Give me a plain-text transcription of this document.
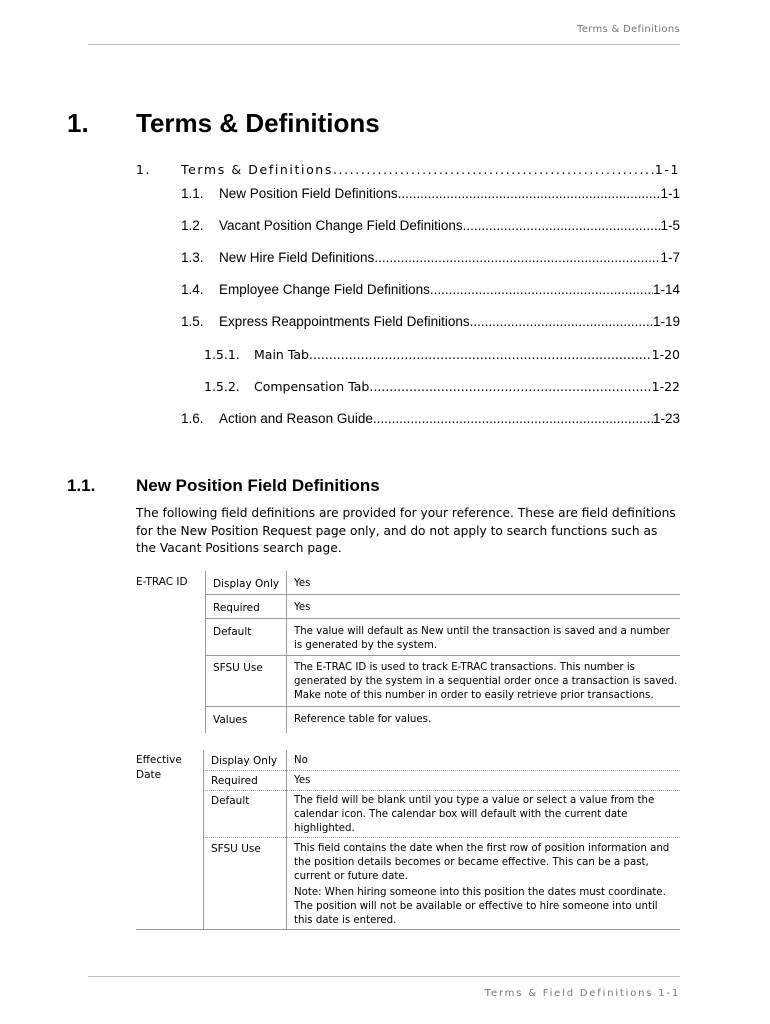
Terms & Definitions
1. Terms & Definitions
1.	Terms & Definitions .....	1-1
1.1.	New Position Field Definitions .....	1-1
1.2.	Vacant Position Change Field Definitions .....	1-5
1.3.	New Hire Field Definitions .....	1-7
1.4.	Employee Change Field Definitions .....	1-14
1.5.	Express Reappointments Field Definitions .....	1-19
1.5.1.	Main Tab .....	1-20
1.5.2.	Compensation Tab .....	1-22
1.6.	Action and Reason Guide .....	1-23
1.1. New Position Field Definitions
The following field definitions are provided for your reference. These are field definitions for the New Position Request page only, and do not apply to search functions such as the Vacant Positions search page.
E-TRAC ID	Display Only Yes
Required	Yes
Default	The value will default as New until the transaction is saved and a number is generated by the system.
SFSU Use	The E-TRAC ID is used to track E-TRAC transactions. This number is generated by the system in a sequential order once a transaction is saved. Make note of this number in order to easily retrieve prior transactions.
Values	Reference table for values.
Effective Date
Display Only No
Required	Yes
Default	The field will be blank until you type a value or select a value from the calendar icon. The calendar box will default with the current date highlighted.
SFSU Use	This field contains the date when the first row of position information and the position details becomes or became effective. This can be a past, current or future date.
Note: When hiring someone into this position the dates must coordinate. The position will not be available or effective to hire someone into until this date is entered.
Terms & Field Definitions 1-1
